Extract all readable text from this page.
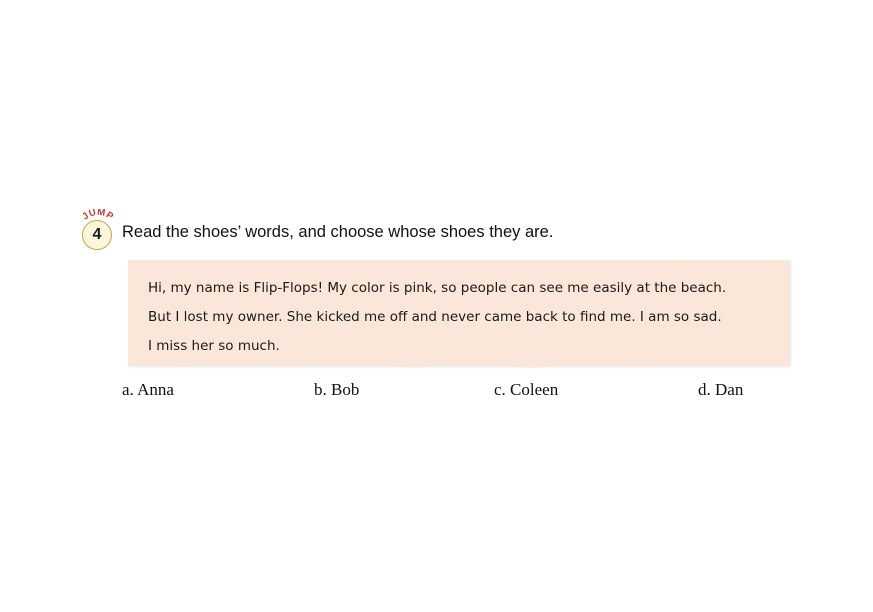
JUMP
4	Read the shoes’ words, and choose whose shoes they are.
Hi, my name is Flip-Flops! My color is pink, so people can see me easily at the beach.
But I lost my owner. She kicked me off and never came back to find me. I am so sad.
I miss her so much.
a. Anna	b. Bob	c. Coleen	d. Dan
